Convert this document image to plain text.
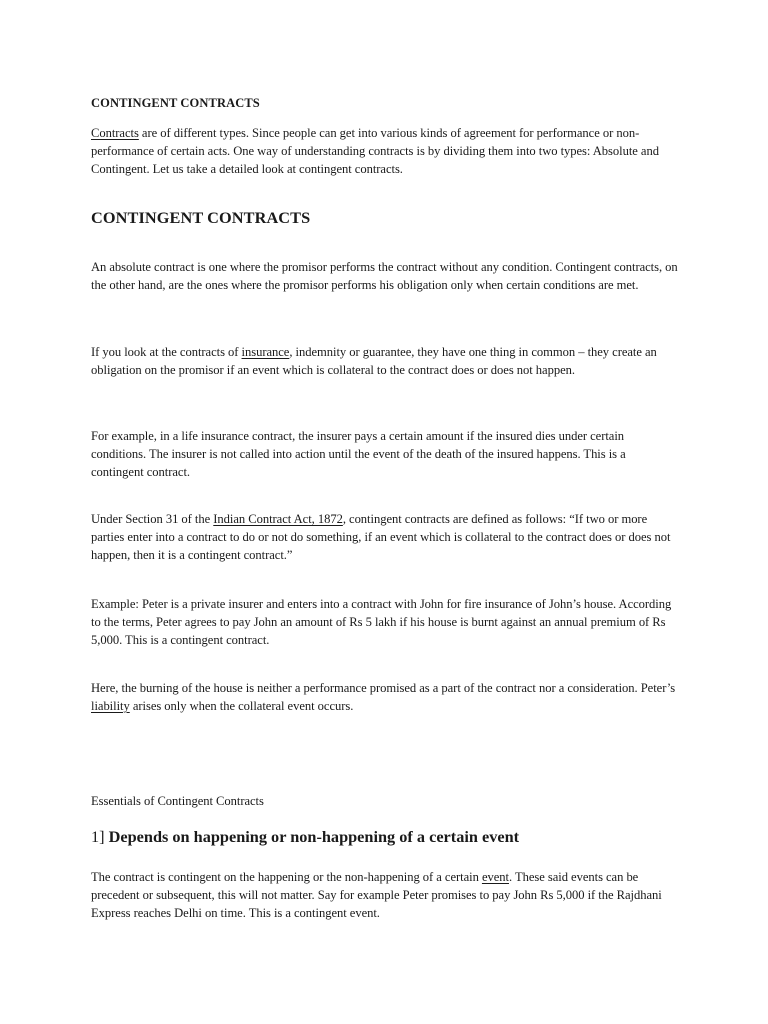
CONTINGENT CONTRACTS

Contracts are of different types. Since people can get into various kinds of agreement for performance or non-performance of certain acts. One way of understanding contracts is by dividing them into two types: Absolute and Contingent. Let us take a detailed look at contingent contracts.

CONTINGENT CONTRACTS

An absolute contract is one where the promisor performs the contract without any condition. Contingent contracts, on the other hand, are the ones where the promisor performs his obligation only when certain conditions are met.

If you look at the contracts of insurance, indemnity or guarantee, they have one thing in common – they create an obligation on the promisor if an event which is collateral to the contract does or does not happen.

For example, in a life insurance contract, the insurer pays a certain amount if the insured dies under certain conditions. The insurer is not called into action until the event of the death of the insured happens. This is a contingent contract.

Under Section 31 of the Indian Contract Act, 1872, contingent contracts are defined as follows: “If two or more parties enter into a contract to do or not do something, if an event which is collateral to the contract does or does not happen, then it is a contingent contract.”

Example: Peter is a private insurer and enters into a contract with John for fire insurance of John’s house. According to the terms, Peter agrees to pay John an amount of Rs 5 lakh if his house is burnt against an annual premium of Rs 5,000. This is a contingent contract.

Here, the burning of the house is neither a performance promised as a part of the contract nor a consideration. Peter’s liability arises only when the collateral event occurs.

Essentials of Contingent Contracts

1] Depends on happening or non-happening of a certain event

The contract is contingent on the happening or the non-happening of a certain event. These said events can be precedent or subsequent, this will not matter. Say for example Peter promises to pay John Rs 5,000 if the Rajdhani Express reaches Delhi on time. This is a contingent event.
